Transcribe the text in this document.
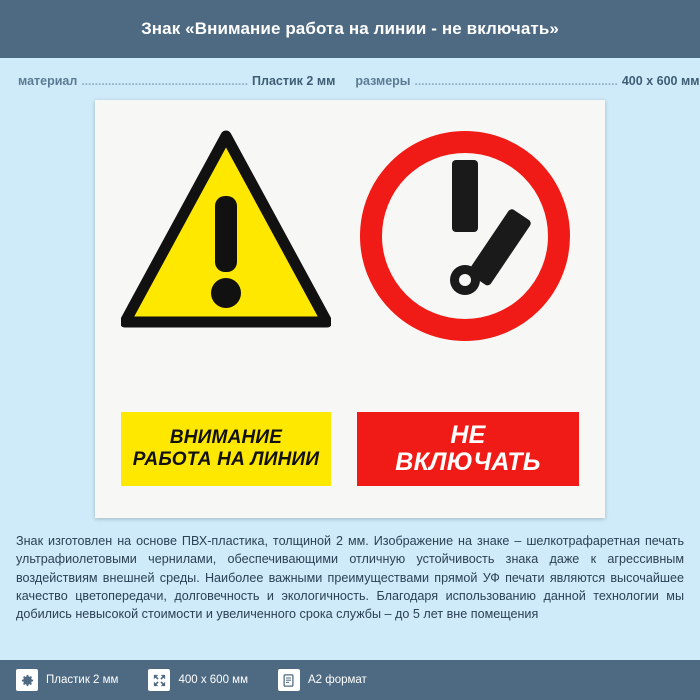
Знак «Внимание работа на линии - не включать»
материал .................................................. Пластик 2 мм размеры ............................................................. 400 x 600 мм
ВНИМАНИЕ
РАБОТА НА ЛИНИИ
НЕ
ВКЛЮЧАТЬ
Знак изготовлен на основе ПВХ-пластика, толщиной 2 мм. Изображение на знаке – шелкотрафаретная печать ультрафиолетовыми чернилами, обеспечивающими отличную устойчивость знака даже к агрессивным воздействиям внешней среды. Наиболее важными преимуществами прямой УФ печати являются высочайшее качество цветопередачи, долговечность и экологичность. Благодаря использованию данной технологии мы добились невысокой стоимости и увеличенного срока службы – до 5 лет вне помещения
Пластик 2 мм	400 x 600 мм	A2 формат
